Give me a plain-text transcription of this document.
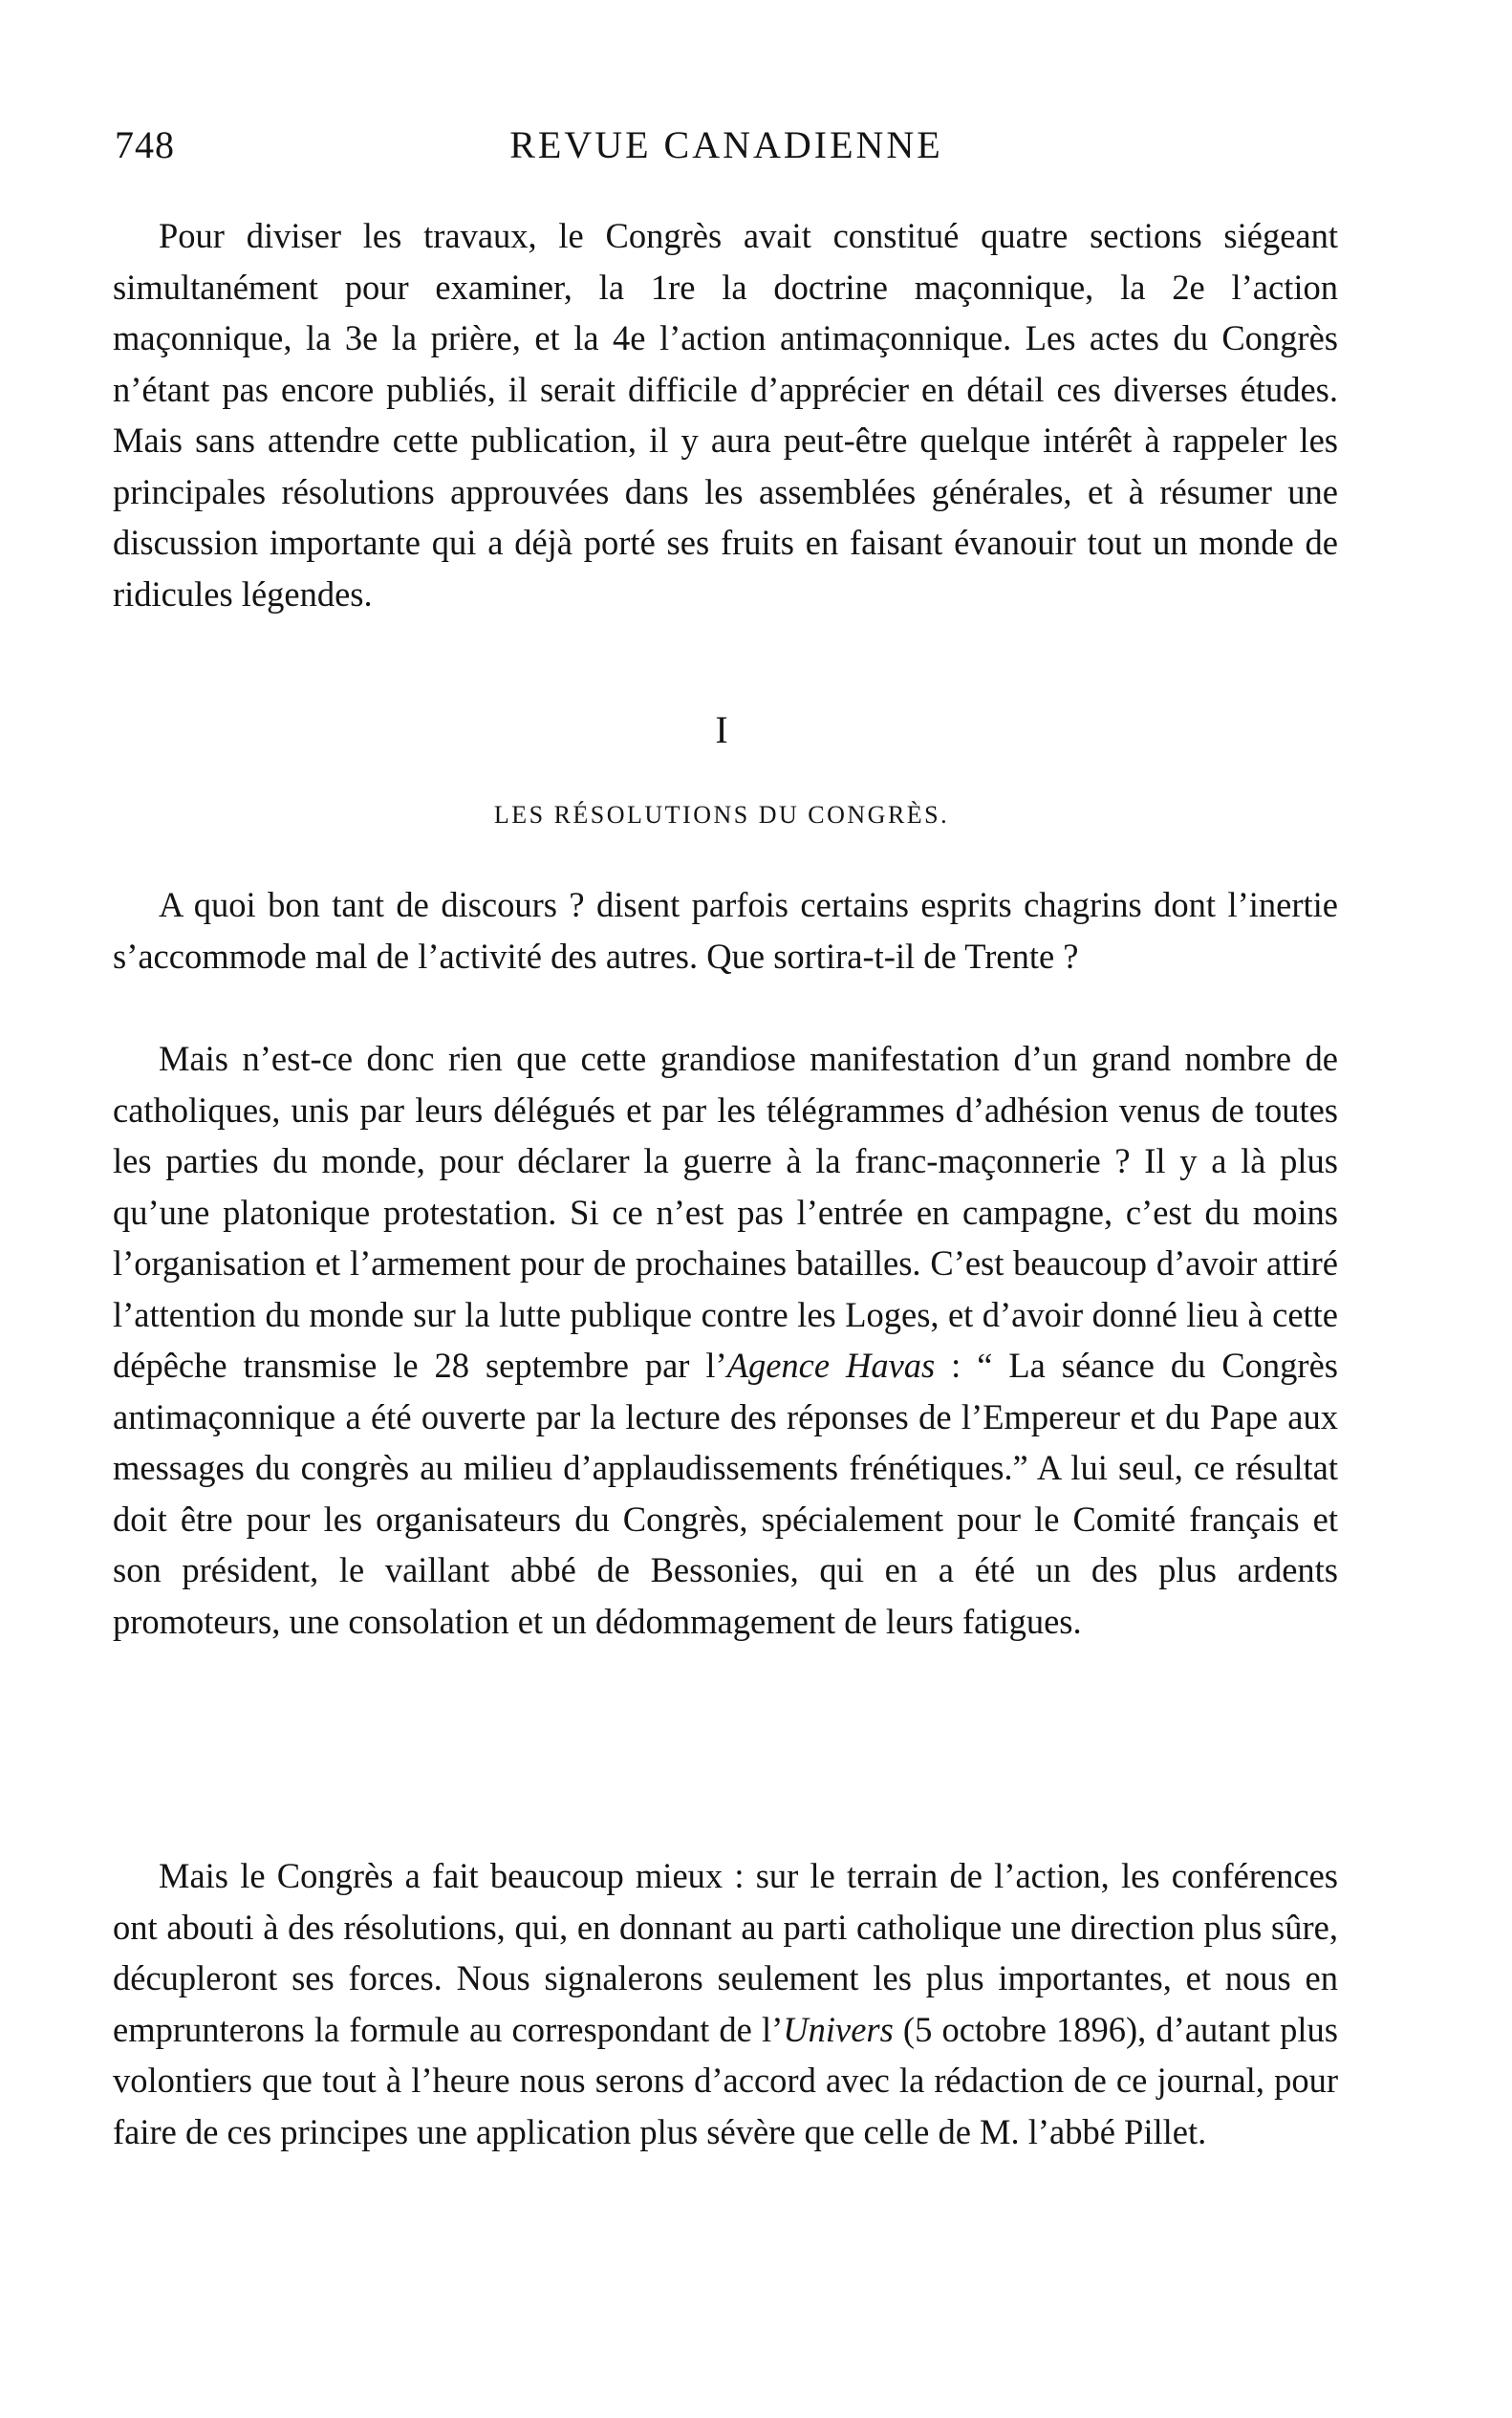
748	REVUE CANADIENNE

Pour diviser les travaux, le Congrès avait constitué quatre sections siégeant simultanément pour examiner, la 1re la doctrine maçonnique, la 2e l’action maçonnique, la 3e la prière, et la 4e l’action antimaçonnique. Les actes du Congrès n’étant pas encore publiés, il serait difficile d’apprécier en détail ces diverses études. Mais sans attendre cette publication, il y aura peut-être quelque intérêt à rappeler les principales résolutions approuvées dans les assemblées générales, et à résumer une discussion importante qui a déjà porté ses fruits en faisant évanouir tout un monde de ridicules légendes.

I
LES RÉSOLUTIONS DU CONGRÈS.

A quoi bon tant de discours ? disent parfois certains esprits chagrins dont l’inertie s’accommode mal de l’activité des autres. Que sortira-t-il de Trente ?

Mais n’est-ce donc rien que cette grandiose manifestation d’un grand nombre de catholiques, unis par leurs délégués et par les télégrammes d’adhésion venus de toutes les parties du monde, pour déclarer la guerre à la franc-maçonnerie ? Il y a là plus qu’une platonique protestation. Si ce n’est pas l’entrée en campagne, c’est du moins l’organisation et l’armement pour de prochaines batailles. C’est beaucoup d’avoir attiré l’attention du monde sur la lutte publique contre les Loges, et d’avoir donné lieu à cette dépêche transmise le 28 septembre par l’Agence Havas : “ La séance du Congrès antimaçonnique a été ouverte par la lecture des réponses de l’Empereur et du Pape aux messages du congrès au milieu d’applaudissements frénétiques.” A lui seul, ce résultat doit être pour les organisateurs du Congrès, spécialement pour le Comité français et son président, le vaillant abbé de Bessonies, qui en a été un des plus ardents promoteurs, une consolation et un dédommagement de leurs fatigues.

Mais le Congrès a fait beaucoup mieux : sur le terrain de l’action, les conférences ont abouti à des résolutions, qui, en donnant au parti catholique une direction plus sûre, décupleront ses forces. Nous signalerons seulement les plus importantes, et nous en emprunterons la formule au correspondant de l’Univers (5 octobre 1896), d’autant plus volontiers que tout à l’heure nous serons d’accord avec la rédaction de ce journal, pour faire de ces principes une application plus sévère que celle de M. l’abbé Pillet.
